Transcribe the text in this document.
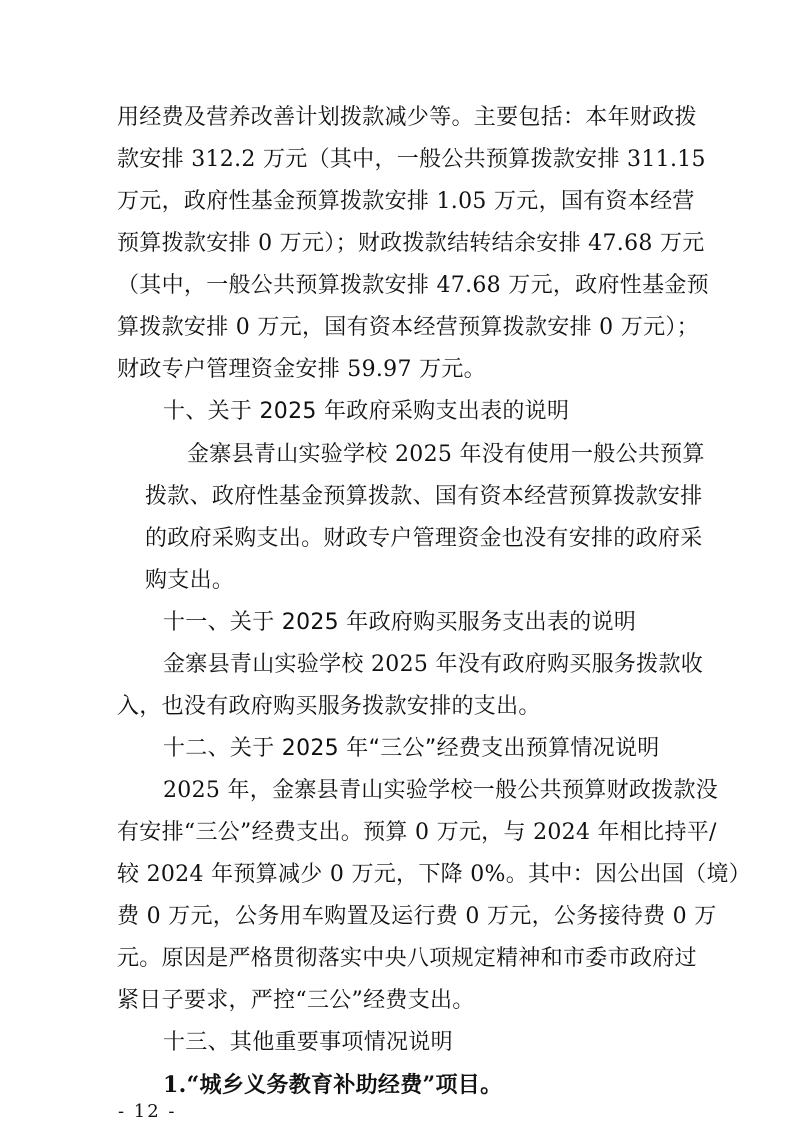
用经费及营养改善计划拨款减少等。主要包括：本年财政拨
款安排 312.2 万元（其中，一般公共预算拨款安排 311.15
万元，政府性基金预算拨款安排 1.05 万元，国有资本经营
预算拨款安排 0 万元）；财政拨款结转结余安排 47.68 万元
（其中，一般公共预算拨款安排 47.68 万元，政府性基金预
算拨款安排 0 万元，国有资本经营预算拨款安排 0 万元）；
财政专户管理资金安排 59.97 万元。
十、关于 2025 年政府采购支出表的说明
金寨县青山实验学校 2025 年没有使用一般公共预算
拨款、政府性基金预算拨款、国有资本经营预算拨款安排
的政府采购支出。财政专户管理资金也没有安排的政府采
购支出。
十一、关于 2025 年政府购买服务支出表的说明
金寨县青山实验学校 2025 年没有政府购买服务拨款收
入，也没有政府购买服务拨款安排的支出。
十二、关于 2025 年“三公”经费支出预算情况说明
2025 年，金寨县青山实验学校一般公共预算财政拨款没
有安排“三公”经费支出。预算 0 万元，与 2024 年相比持平/
较 2024 年预算减少 0 万元，下降 0%。其中：因公出国（境）
费 0 万元，公务用车购置及运行费 0 万元，公务接待费 0 万
元。原因是严格贯彻落实中央八项规定精神和市委市政府过
紧日子要求，严控“三公”经费支出。
十三、其他重要事项情况说明
1.“城乡义务教育补助经费”项目。
- 12 -
